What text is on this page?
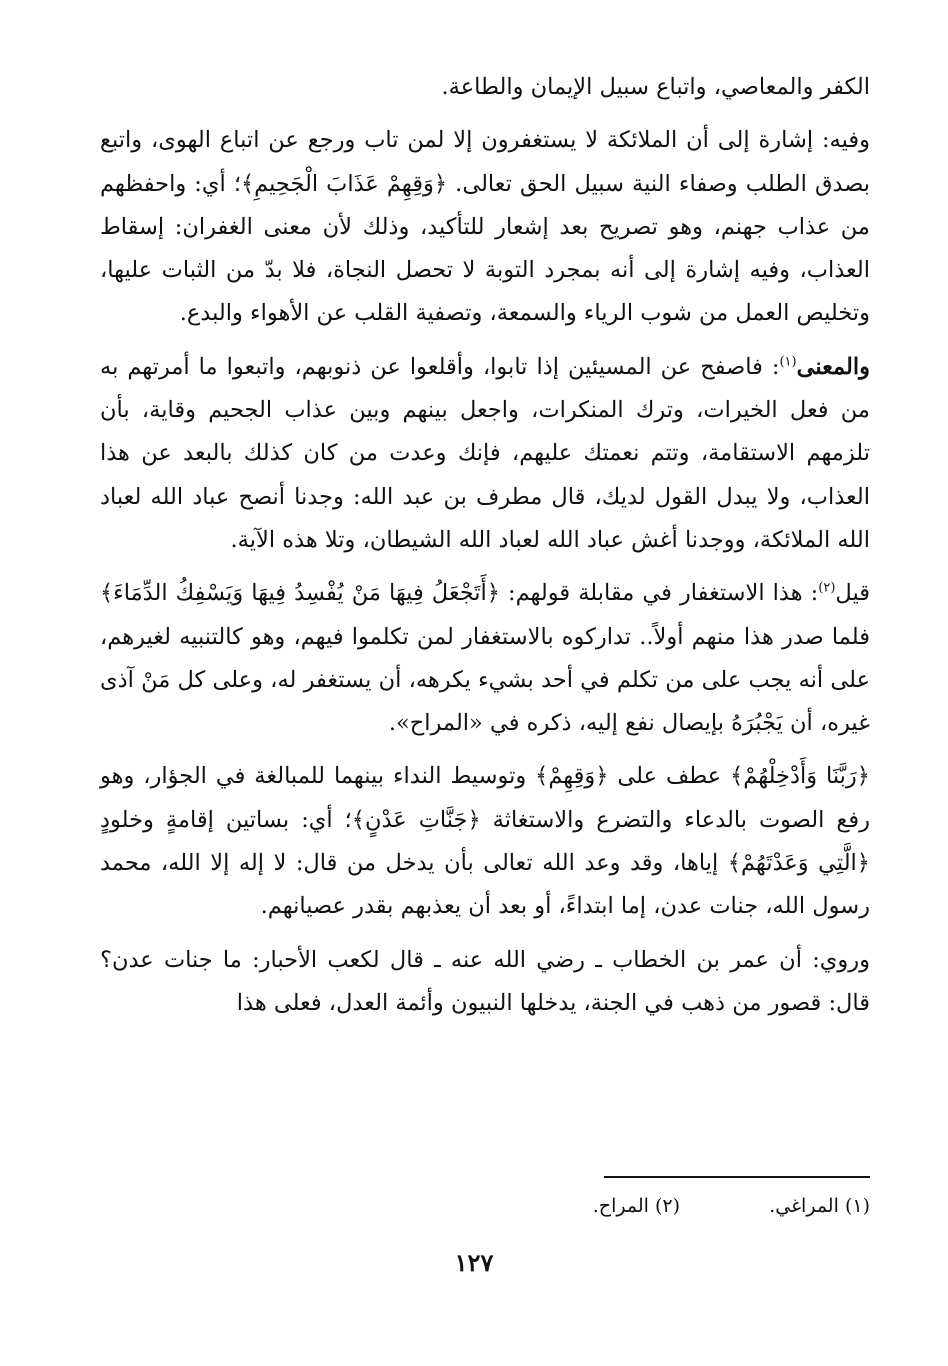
الكفر والمعاصي، واتباع سبيل الإيمان والطاعة.

وفيه: إشارة إلى أن الملائكة لا يستغفرون إلا لمن تاب ورجع عن اتباع الهوى، واتبع بصدق الطلب وصفاء النية سبيل الحق تعالى. ﴿وَقِهِمْ عَذَابَ الْجَحِيمِ﴾؛ أي: واحفظهم من عذاب جهنم، وهو تصريح بعد إشعار للتأكيد، وذلك لأن معنى الغفران: إسقاط العذاب، وفيه إشارة إلى أنه بمجرد التوبة لا تحصل النجاة، فلا بدّ من الثبات عليها، وتخليص العمل من شوب الرياء والسمعة، وتصفية القلب عن الأهواء والبدع.

والمعنى$^{(١)}$: فاصفح عن المسيئين إذا تابوا، وأقلعوا عن ذنوبهم، واتبعوا ما أمرتهم به من فعل الخيرات، وترك المنكرات، واجعل بينهم وبين عذاب الجحيم وقاية، بأن تلزمهم الاستقامة، وتتم نعمتك عليهم، فإنك وعدت من كان كذلك بالبعد عن هذا العذاب، ولا يبدل القول لديك، قال مطرف بن عبد الله: وجدنا أنصح عباد الله لعباد الله الملائكة، ووجدنا أغش عباد الله لعباد الله الشيطان، وتلا هذه الآية.

قيل$^{(٢)}$: هذا الاستغفار في مقابلة قولهم: ﴿أَتَجْعَلُ فِيهَا مَنْ يُفْسِدُ فِيهَا وَيَسْفِكُ الدِّمَاءَ﴾ فلما صدر هذا منهم أولاً.. تداركوه بالاستغفار لمن تكلموا فيهم، وهو كالتنبيه لغيرهم، على أنه يجب على من تكلم في أحد بشيء يكرهه، أن يستغفر له، وعلى كل مَنْ آذى غيره، أن يَجْبُرَهُ بإيصال نفع إليه، ذكره في «المراح».

﴿رَبَّنَا وَأَدْخِلْهُمْ﴾ عطف على ﴿وَقِهِمْ﴾ وتوسيط النداء بينهما للمبالغة في الجؤار، وهو رفع الصوت بالدعاء والتضرع والاستغاثة ﴿جَنَّاتِ عَدْنٍ﴾؛ أي: بساتين إقامةٍ وخلودٍ ﴿الَّتِي وَعَدْتَهُمْ﴾ إياها، وقد وعد الله تعالى بأن يدخل من قال: لا إله إلا الله، محمد رسول الله، جنات عدن، إما ابتداءً، أو بعد أن يعذبهم بقدر عصيانهم.

وروي: أن عمر بن الخطاب ـ رضي الله عنه ـ قال لكعب الأحبار: ما جنات عدن؟ قال: قصور من ذهب في الجنة، يدخلها النبيون وأئمة العدل، فعلى هذا

(١) المراغي.
(٢) المراح.
١٢٧
